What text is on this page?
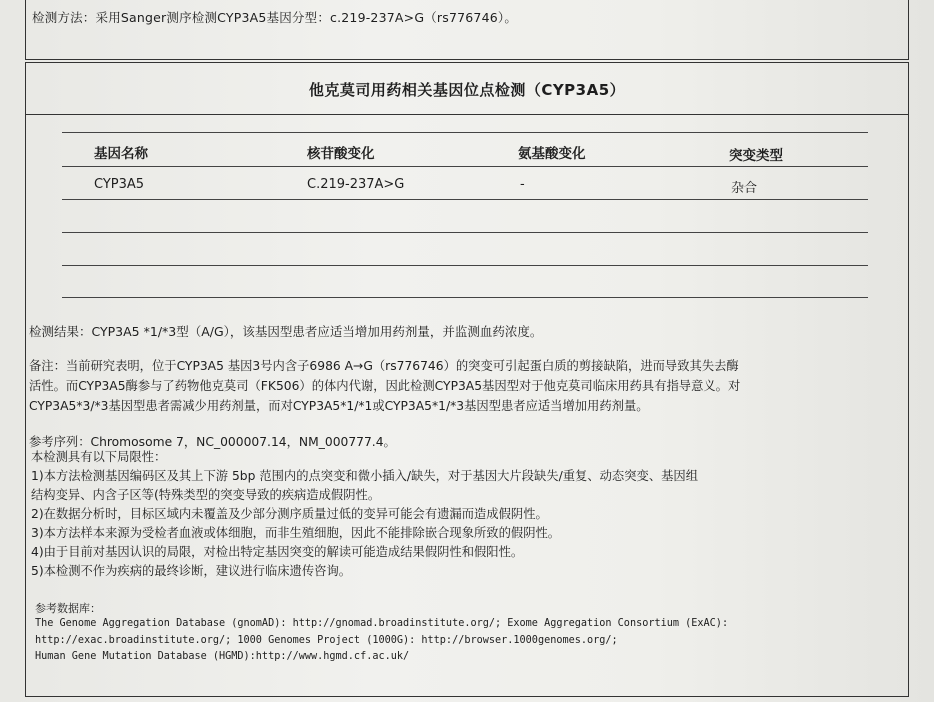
检测方法：采用Sanger测序检测CYP3A5基因分型：c.219-237A>G（rs776746）。
他克莫司用药相关基因位点检测（CYP3A5）
基因名称	核苷酸变化	氨基酸变化	突变类型
CYP3A5	C.219-237A>G	-	杂合
检测结果：CYP3A5 *1/*3型（A/G），该基因型患者应适当增加用药剂量，并监测血药浓度。
备注：当前研究表明，位于CYP3A5 基因3号内含子6986 A→G（rs776746）的突变可引起蛋白质的剪接缺陷，进而导致其失去酶
活性。而CYP3A5酶参与了药物他克莫司（FK506）的体内代谢，因此检测CYP3A5基因型对于他克莫司临床用药具有指导意义。对
CYP3A5*3/*3基因型患者需减少用药剂量，而对CYP3A5*1/*1或CYP3A5*1/*3基因型患者应适当增加用药剂量。
参考序列：Chromosome 7，NC_000007.14，NM_000777.4。
本检测具有以下局限性：
1)本方法检测基因编码区及其上下游 5bp 范围内的点突变和微小插入/缺失，对于基因大片段缺失/重复、动态突变、基因组
结构变异、内含子区等(特殊类型的突变导致的疾病造成假阴性。
2)在数据分析时，目标区域内未覆盖及少部分测序质量过低的变异可能会有遗漏而造成假阴性。
3)本方法样本来源为受检者血液或体细胞，而非生殖细胞，因此不能排除嵌合现象所致的假阴性。
4)由于目前对基因认识的局限，对检出特定基因突变的解读可能造成结果假阴性和假阳性。
5)本检测不作为疾病的最终诊断，建议进行临床遗传咨询。
参考数据库：
The Genome Aggregation Database (gnomAD): http://gnomad.broadinstitute.org/; Exome Aggregation Consortium (ExAC):
http://exac.broadinstitute.org/; 1000 Genomes Project (1000G): http://browser.1000genomes.org/;
Human Gene Mutation Database (HGMD):http://www.hgmd.cf.ac.uk/
